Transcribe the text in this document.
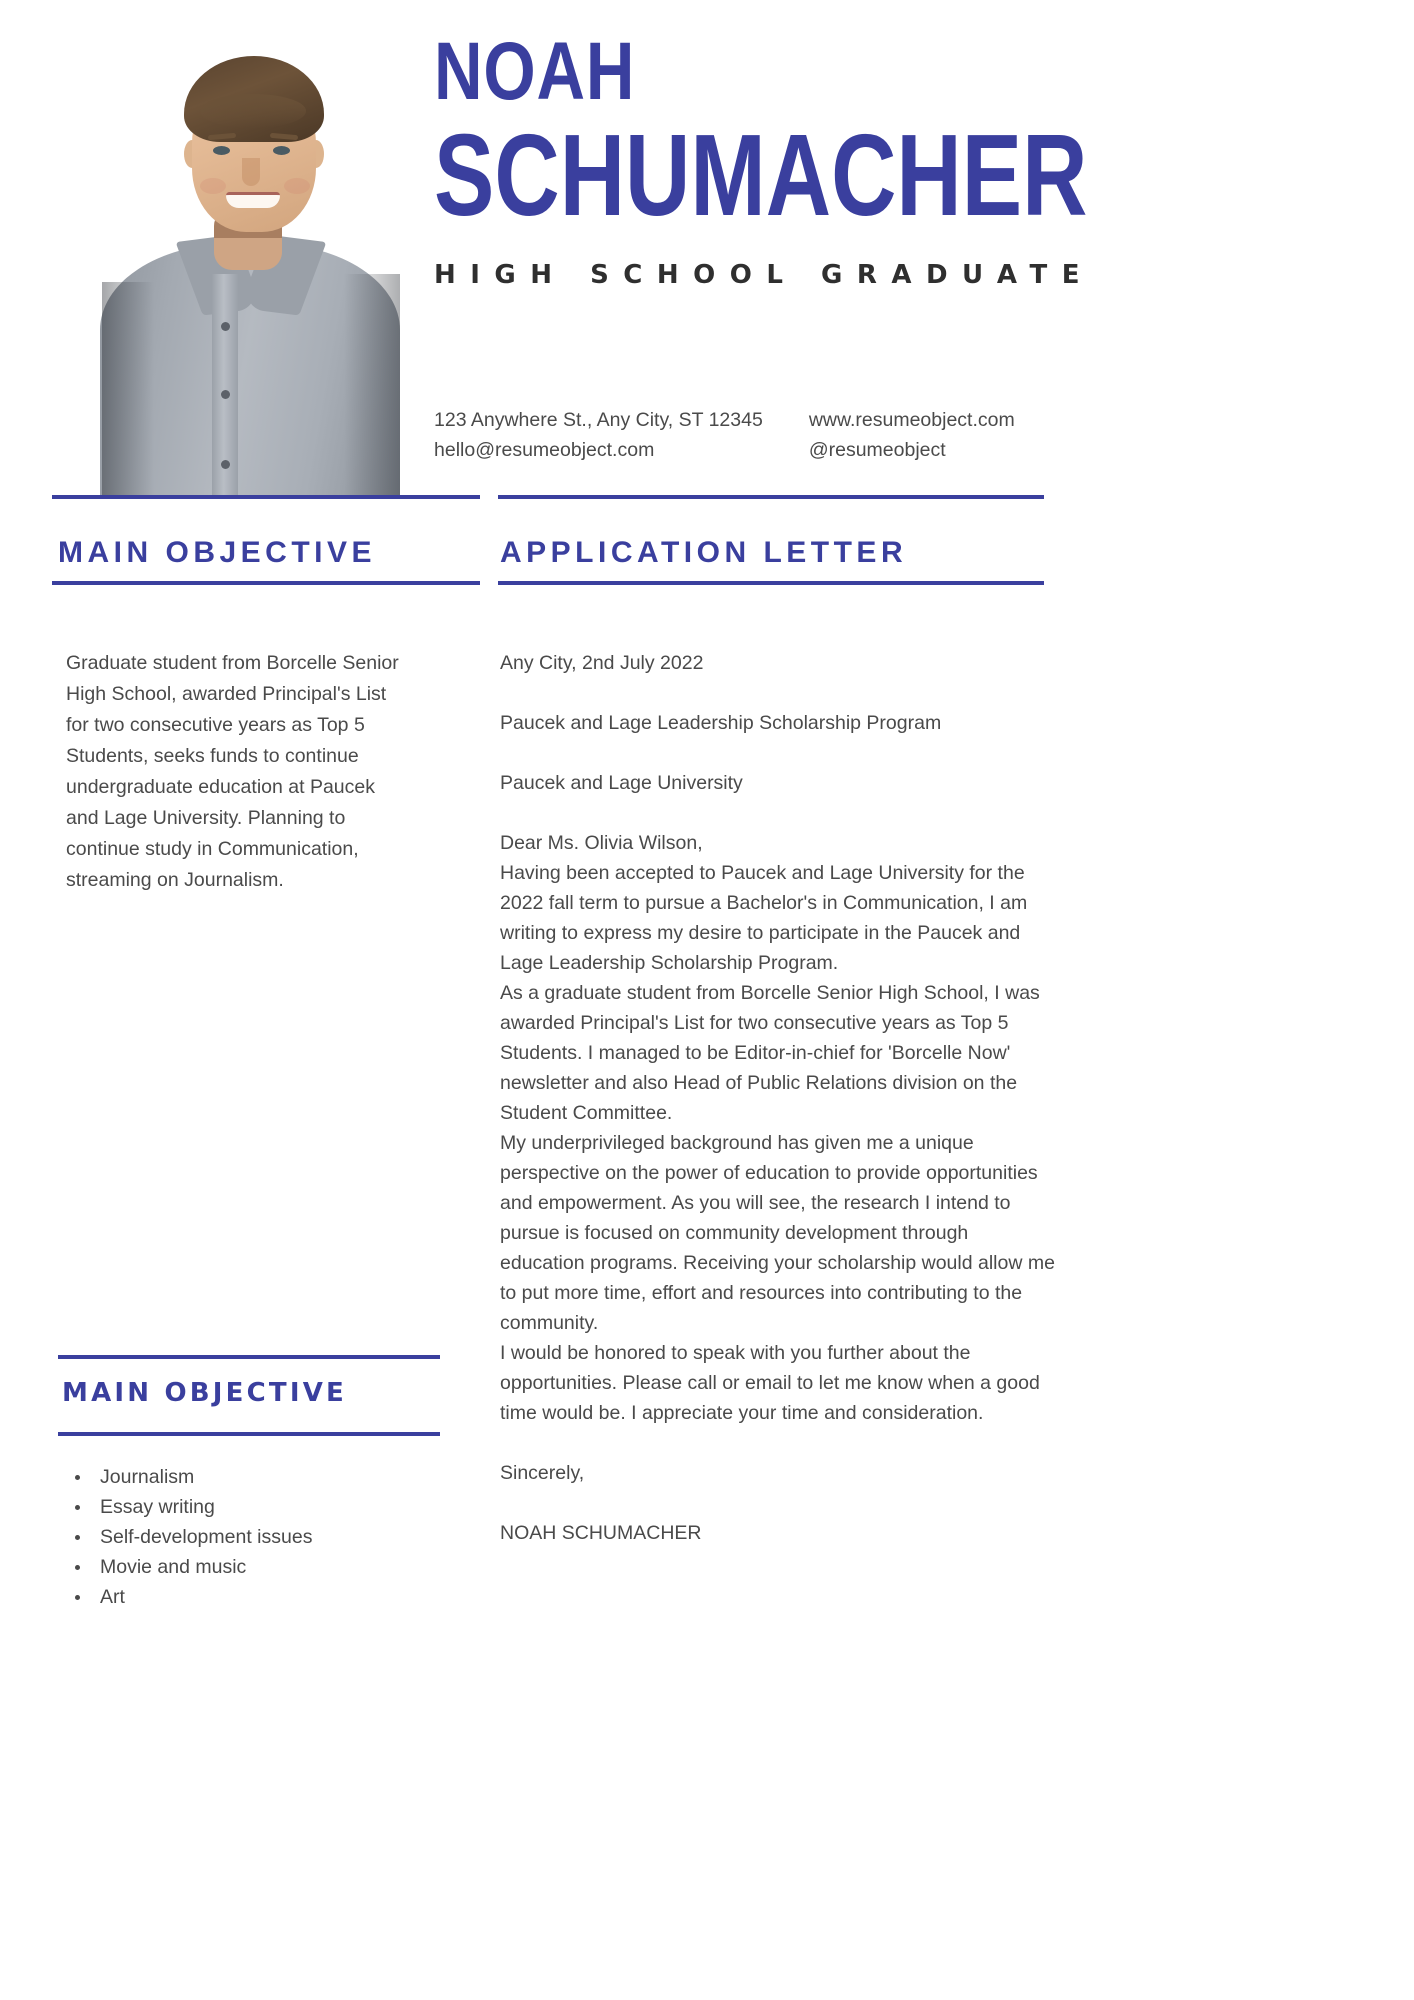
NOAH
SCHUMACHER
HIGH SCHOOL GRADUATE
123 Anywhere St., Any City, ST 12345
hello@resumeobject.com
www.resumeobject.com
@resumeobject
MAIN OBJECTIVE	APPLICATION LETTER
Graduate student from Borcelle Senior High School, awarded Principal's List for two consecutive years as Top 5 Students, seeks funds to continue undergraduate education at Paucek and Lage University. Planning to continue study in Communication, streaming on Journalism.
MAIN OBJECTIVE
• Journalism
• Essay writing
• Self-development issues
• Movie and music
• Art

Any City, 2nd July 2022

Paucek and Lage Leadership Scholarship Program

Paucek and Lage University

Dear Ms. Olivia Wilson,

Having been accepted to Paucek and Lage University for the 2022 fall term to pursue a Bachelor's in Communication, I am writing to express my desire to participate in the Paucek and Lage Leadership Scholarship Program.

As a graduate student from Borcelle Senior High School, I was awarded Principal's List for two consecutive years as Top 5 Students. I managed to be Editor-in-chief for 'Borcelle Now' newsletter and also Head of Public Relations division on the Student Committee.

My underprivileged background has given me a unique perspective on the power of education to provide opportunities and empowerment. As you will see, the research I intend to pursue is focused on community development through education programs. Receiving your scholarship would allow me to put more time, effort and resources into contributing to the community.

I would be honored to speak with you further about the opportunities. Please call or email to let me know when a good time would be. I appreciate your time and consideration.

Sincerely,

NOAH SCHUMACHER
